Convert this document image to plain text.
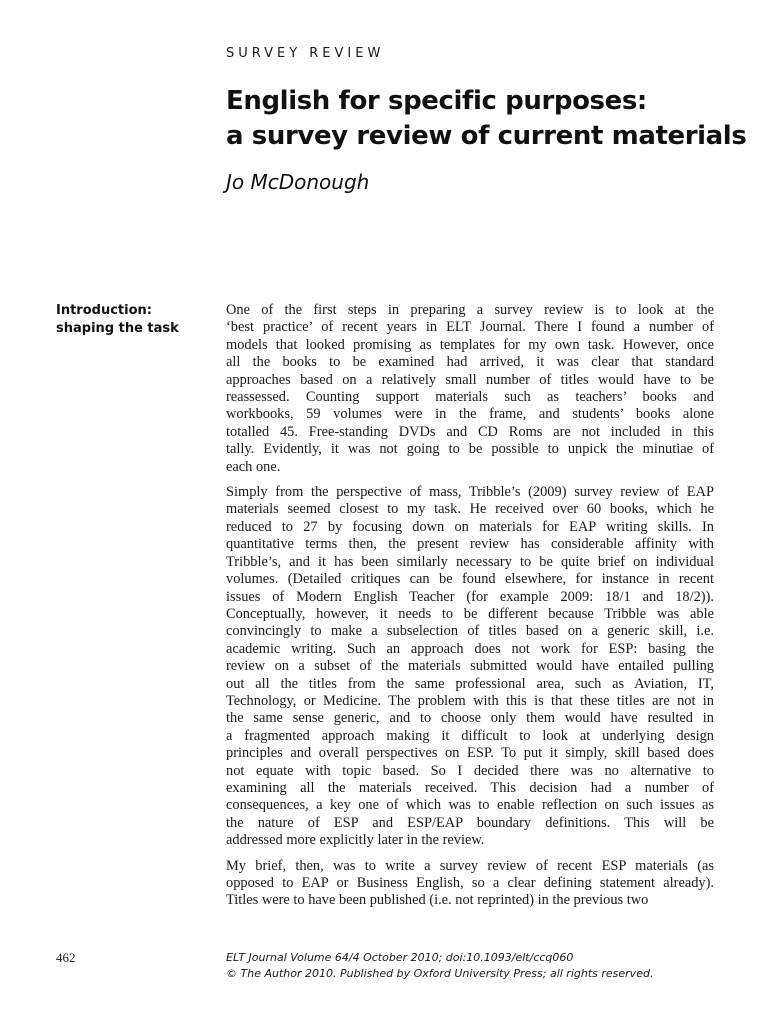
SURVEY REVIEW
English for specific purposes:
a survey review of current materials
Jo McDonough
Introduction:
shaping the task

One of the first steps in preparing a survey review is to look at the
‘best practice’ of recent years in ELT Journal. There I found a number of
models that looked promising as templates for my own task. However, once
all the books to be examined had arrived, it was clear that standard
approaches based on a relatively small number of titles would have to be
reassessed. Counting support materials such as teachers’ books and
workbooks, 59 volumes were in the frame, and students’ books alone
totalled 45. Free-standing DVDs and CD Roms are not included in this
tally. Evidently, it was not going to be possible to unpick the minutiae of
each one.

Simply from the perspective of mass, Tribble’s (2009) survey review of EAP
materials seemed closest to my task. He received over 60 books, which he
reduced to 27 by focusing down on materials for EAP writing skills. In
quantitative terms then, the present review has considerable affinity with
Tribble’s, and it has been similarly necessary to be quite brief on individual
volumes. (Detailed critiques can be found elsewhere, for instance in recent
issues of Modern English Teacher (for example 2009: 18/1 and 18/2)).
Conceptually, however, it needs to be different because Tribble was able
convincingly to make a subselection of titles based on a generic skill, i.e.
academic writing. Such an approach does not work for ESP: basing the
review on a subset of the materials submitted would have entailed pulling
out all the titles from the same professional area, such as Aviation, IT,
Technology, or Medicine. The problem with this is that these titles are not in
the same sense generic, and to choose only them would have resulted in
a fragmented approach making it difficult to look at underlying design
principles and overall perspectives on ESP. To put it simply, skill based does
not equate with topic based. So I decided there was no alternative to
examining all the materials received. This decision had a number of
consequences, a key one of which was to enable reflection on such issues as
the nature of ESP and ESP/EAP boundary definitions. This will be
addressed more explicitly later in the review.

My brief, then, was to write a survey review of recent ESP materials (as
opposed to EAP or Business English, so a clear defining statement already).
Titles were to have been published (i.e. not reprinted) in the previous two

462	ELT Journal Volume 64/4 October 2010; doi:10.1093/elt/ccq060
© The Author 2010. Published by Oxford University Press; all rights reserved.
